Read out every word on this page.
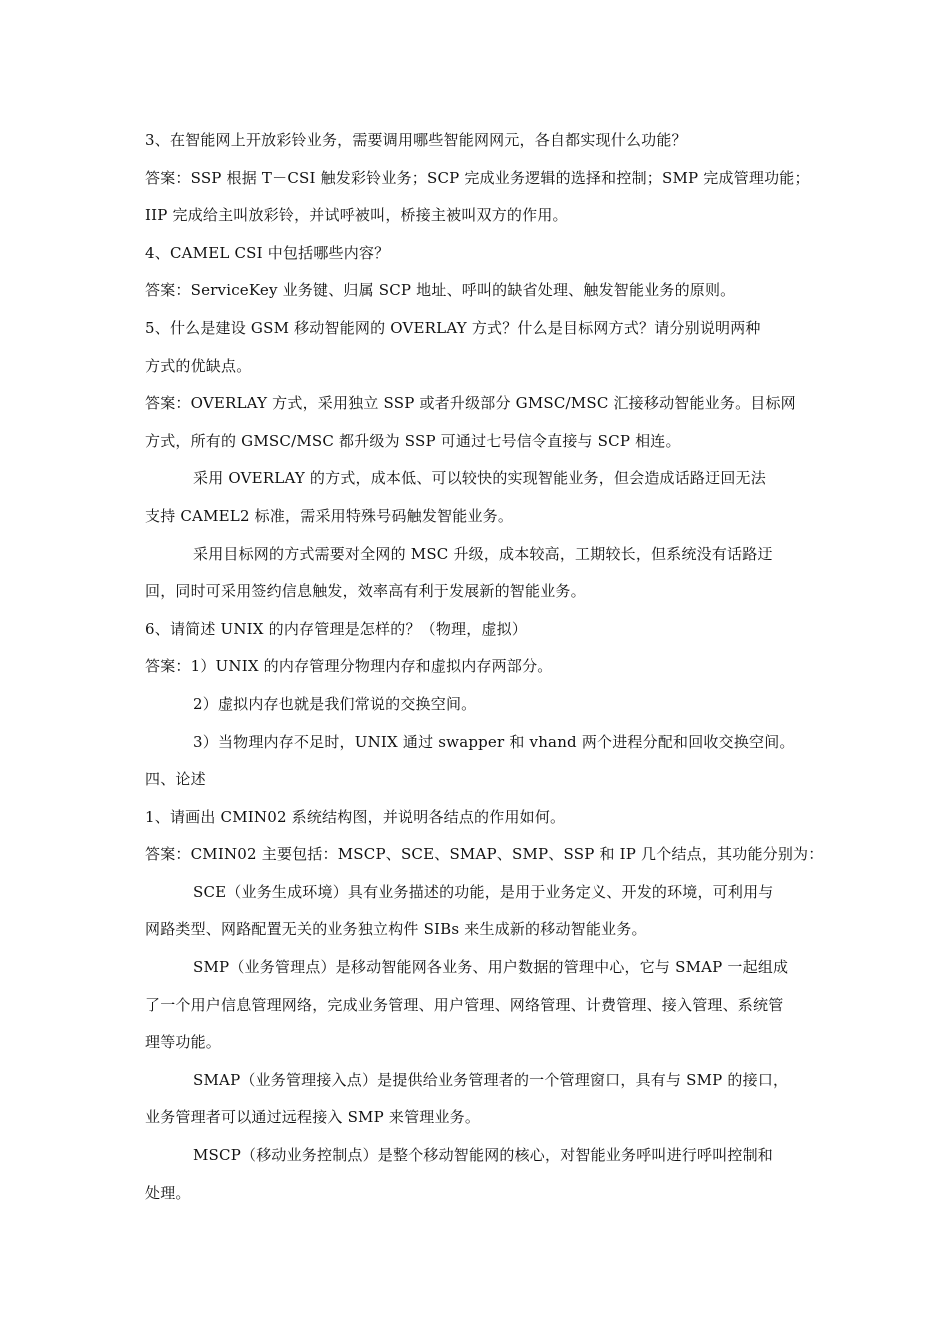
3、在智能网上开放彩铃业务，需要调用哪些智能网网元，各自都实现什么功能？
答案：SSP 根据 T－CSI 触发彩铃业务；SCP 完成业务逻辑的选择和控制；SMP 完成管理功能；
IIP 完成给主叫放彩铃，并试呼被叫，桥接主被叫双方的作用。
4、CAMEL CSI 中包括哪些内容？
答案：ServiceKey 业务键、归属 SCP 地址、呼叫的缺省处理、触发智能业务的原则。
5、什么是建设 GSM 移动智能网的 OVERLAY 方式？什么是目标网方式？请分别说明两种
方式的优缺点。
答案：OVERLAY 方式，采用独立 SSP 或者升级部分 GMSC/MSC 汇接移动智能业务。目标网
方式，所有的 GMSC/MSC 都升级为 SSP 可通过七号信令直接与 SCP 相连。
采用 OVERLAY 的方式，成本低、可以较快的实现智能业务，但会造成话路迂回无法
支持 CAMEL2 标准，需采用特殊号码触发智能业务。
采用目标网的方式需要对全网的 MSC 升级，成本较高，工期较长，但系统没有话路迂
回，同时可采用签约信息触发，效率高有利于发展新的智能业务。
6、请简述 UNIX 的内存管理是怎样的？（物理，虚拟）
答案：1）UNIX 的内存管理分物理内存和虚拟内存两部分。
2）虚拟内存也就是我们常说的交换空间。
3）当物理内存不足时，UNIX 通过 swapper 和 vhand 两个进程分配和回收交换空间。
四、论述
1、请画出 CMIN02 系统结构图，并说明各结点的作用如何。
答案：CMIN02 主要包括：MSCP、SCE、SMAP、SMP、SSP 和 IP 几个结点，其功能分别为：
SCE（业务生成环境）具有业务描述的功能，是用于业务定义、开发的环境，可利用与
网路类型、网路配置无关的业务独立构件 SIBs 来生成新的移动智能业务。
SMP（业务管理点）是移动智能网各业务、用户数据的管理中心，它与 SMAP 一起组成
了一个用户信息管理网络，完成业务管理、用户管理、网络管理、计费管理、接入管理、系统管
理等功能。
SMAP（业务管理接入点）是提供给业务管理者的一个管理窗口，具有与 SMP 的接口，
业务管理者可以通过远程接入 SMP 来管理业务。
MSCP（移动业务控制点）是整个移动智能网的核心，对智能业务呼叫进行呼叫控制和
处理。
